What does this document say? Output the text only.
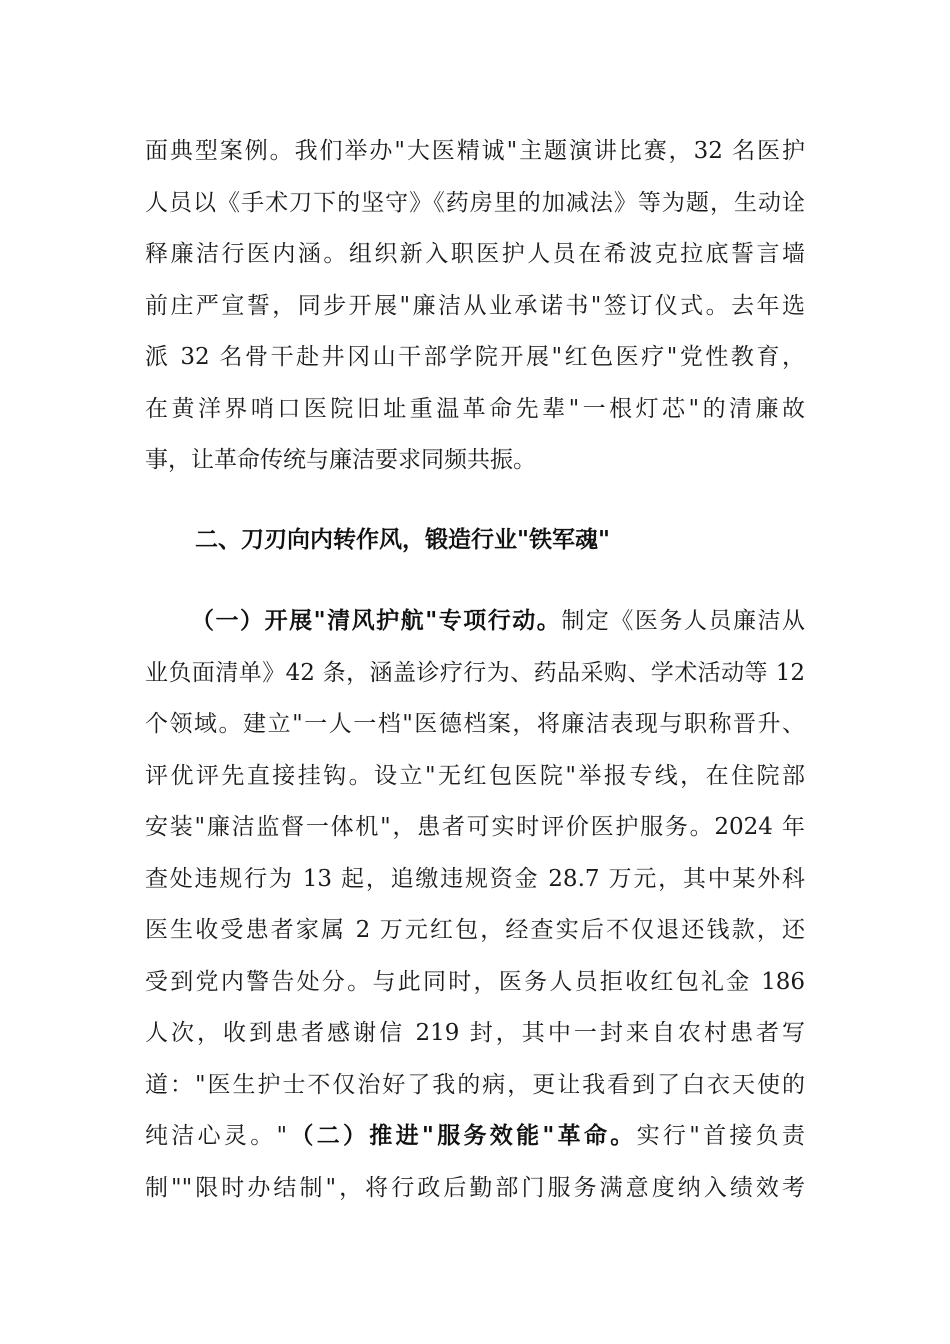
面典型案例。我们举办"大医精诚"主题演讲比赛，32 名医护
人员以《手术刀下的坚守》《药房里的加减法》等为题，生动诠
释廉洁行医内涵。组织新入职医护人员在希波克拉底誓言墙
前庄严宣誓，同步开展"廉洁从业承诺书"签订仪式。去年选
派 32 名骨干赴井冈山干部学院开展"红色医疗"党性教育，
在黄洋界哨口医院旧址重温革命先辈"一根灯芯"的清廉故
事，让革命传统与廉洁要求同频共振。
二、刀刃向内转作风，锻造行业"铁军魂"
（一）开展"清风护航"专项行动。制定《医务人员廉洁从
业负面清单》42 条，涵盖诊疗行为、药品采购、学术活动等 12
个领域。建立"一人一档"医德档案，将廉洁表现与职称晋升、
评优评先直接挂钩。设立"无红包医院"举报专线，在住院部
安装"廉洁监督一体机"，患者可实时评价医护服务。2024 年
查处违规行为 13 起，追缴违规资金 28.7 万元，其中某外科
医生收受患者家属 2 万元红包，经查实后不仅退还钱款，还
受到党内警告处分。与此同时，医务人员拒收红包礼金 186
人次，收到患者感谢信 219 封，其中一封来自农村患者写
道："医生护士不仅治好了我的病，更让我看到了白衣天使的
纯洁心灵。"（二）推进"服务效能"革命。实行"首接负责
制""限时办结制"，将行政后勤部门服务满意度纳入绩效考
